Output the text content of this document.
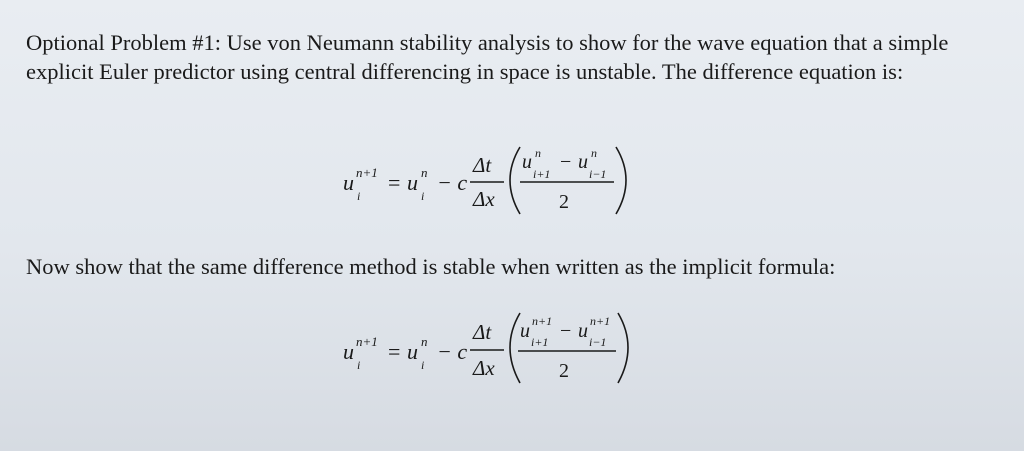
Optional Problem #1: Use von Neumann stability analysis to show for the wave equation that a simple explicit Euler predictor using central differencing in space is unstable. The difference equation is:

u n+1
i
= u n
i
− c
Δt
Δx
u n
i+1
− u n
i−1
2

Now show that the same difference method is stable when written as the implicit formula:

u n+1
i
= u n
i
− c
Δt
Δx
u n+1
i+1 − u n+1
i−1
2
